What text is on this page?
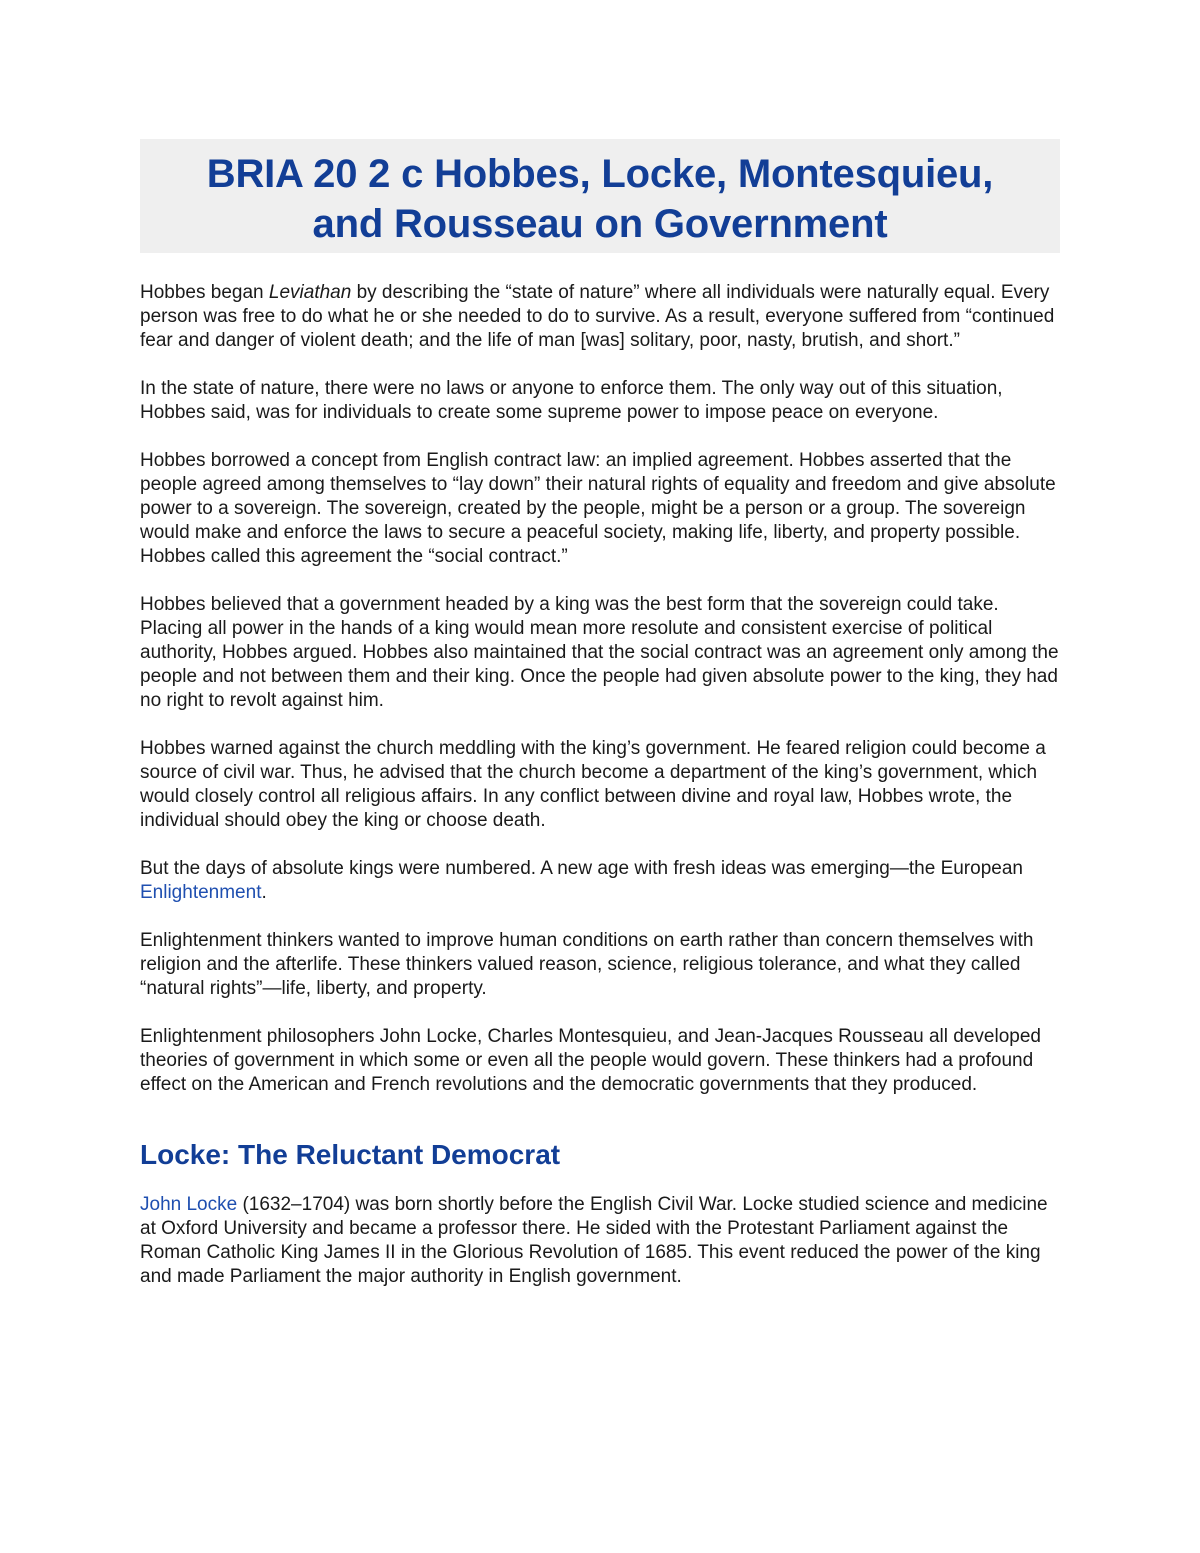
BRIA 20 2 c Hobbes, Locke, Montesquieu,
and Rousseau on Government

Hobbes began Leviathan by describing the “state of nature” where all individuals were naturally equal. Every person was free to do what he or she needed to do to survive. As a result, everyone suffered from “continued fear and danger of violent death; and the life of man [was] solitary, poor, nasty, brutish, and short.”

In the state of nature, there were no laws or anyone to enforce them. The only way out of this situation, Hobbes said, was for individuals to create some supreme power to impose peace on everyone.

Hobbes borrowed a concept from English contract law: an implied agreement. Hobbes asserted that the people agreed among themselves to “lay down” their natural rights of equality and freedom and give absolute power to a sovereign. The sovereign, created by the people, might be a person or a group. The sovereign would make and enforce the laws to secure a peaceful society, making life, liberty, and property possible. Hobbes called this agreement the “social contract.”

Hobbes believed that a government headed by a king was the best form that the sovereign could take. Placing all power in the hands of a king would mean more resolute and consistent exercise of political authority, Hobbes argued. Hobbes also maintained that the social contract was an agreement only among the people and not between them and their king. Once the people had given absolute power to the king, they had no right to revolt against him.

Hobbes warned against the church meddling with the king’s government. He feared religion could become a source of civil war. Thus, he advised that the church become a department of the king’s government, which would closely control all religious affairs. In any conflict between divine and royal law, Hobbes wrote, the individual should obey the king or choose death.

But the days of absolute kings were numbered. A new age with fresh ideas was emerging—the European Enlightenment.

Enlightenment thinkers wanted to improve human conditions on earth rather than concern themselves with religion and the afterlife. These thinkers valued reason, science, religious tolerance, and what they called “natural rights”—life, liberty, and property.

Enlightenment philosophers John Locke, Charles Montesquieu, and Jean-Jacques Rousseau all developed theories of government in which some or even all the people would govern. These thinkers had a profound effect on the American and French revolutions and the democratic governments that they produced.

Locke: The Reluctant Democrat

John Locke (1632–1704) was born shortly before the English Civil War. Locke studied science and medicine at Oxford University and became a professor there. He sided with the Protestant Parliament against the Roman Catholic King James II in the Glorious Revolution of 1685. This event reduced the power of the king and made Parliament the major authority in English government.
